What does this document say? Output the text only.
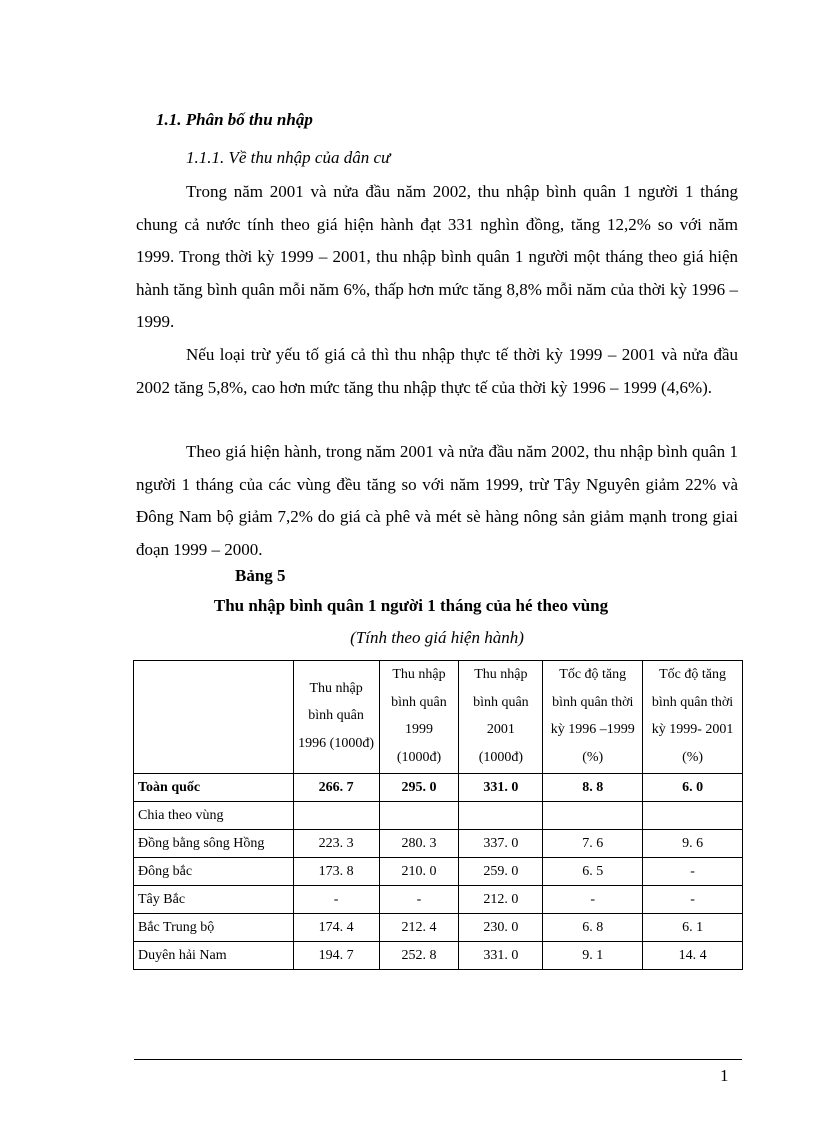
1.1. Phân bố thu nhập
1.1.1. Về thu nhập của dân cư

Trong năm 2001 và nửa đầu năm 2002, thu nhập bình quân 1 người 1 tháng chung cả nước tính theo giá hiện hành đạt 331 nghìn đồng, tăng 12,2% so với năm 1999. Trong thời kỳ 1999 – 2001, thu nhập bình quân 1 người một tháng theo giá hiện hành tăng bình quân mỗi năm 6%, thấp hơn mức tăng 8,8% mỗi năm của thời kỳ 1996 – 1999.

Nếu loại trừ yếu tố giá cả thì thu nhập thực tế thời kỳ 1999 – 2001 và nửa đầu 2002 tăng 5,8%, cao hơn mức tăng thu nhập thực tế của thời kỳ 1996 – 1999 (4,6%).

Theo giá hiện hành, trong năm 2001 và nửa đầu năm 2002, thu nhập bình quân 1 người 1 tháng của các vùng đều tăng so với năm 1999, trừ Tây Nguyên giảm 22% và Đông Nam bộ giảm 7,2% do giá cà phê và mét sè hàng nông sản giảm mạnh trong giai đoạn 1999 – 2000.

Bảng 5
Thu nhập bình quân 1 người 1 tháng của hé theo vùng
(Tính theo giá hiện hành)
	Thu nhập bình quân 1996 (1000đ)	Thu nhập bình quân 1999 (1000đ)	Thu nhập bình quân 2001 (1000đ)	Tốc độ tăng bình quân thời kỳ 1996 –1999 (%)	Tốc độ tăng bình quân thời kỳ 1999- 2001 (%)
Toàn quốc	266. 7	295. 0	331. 0	8. 8	6. 0
Chia theo vùng					
Đồng bằng sông Hồng	223. 3	280. 3	337. 0	7. 6	9. 6
Đông bắc	173. 8	210. 0	259. 0	6. 5	-
Tây Bắc	-	-	212. 0	-	-
Bắc Trung bộ	174. 4	212. 4	230. 0	6. 8	6. 1
Duyên hải Nam	194. 7	252. 8	331. 0	9. 1	14. 4
1
